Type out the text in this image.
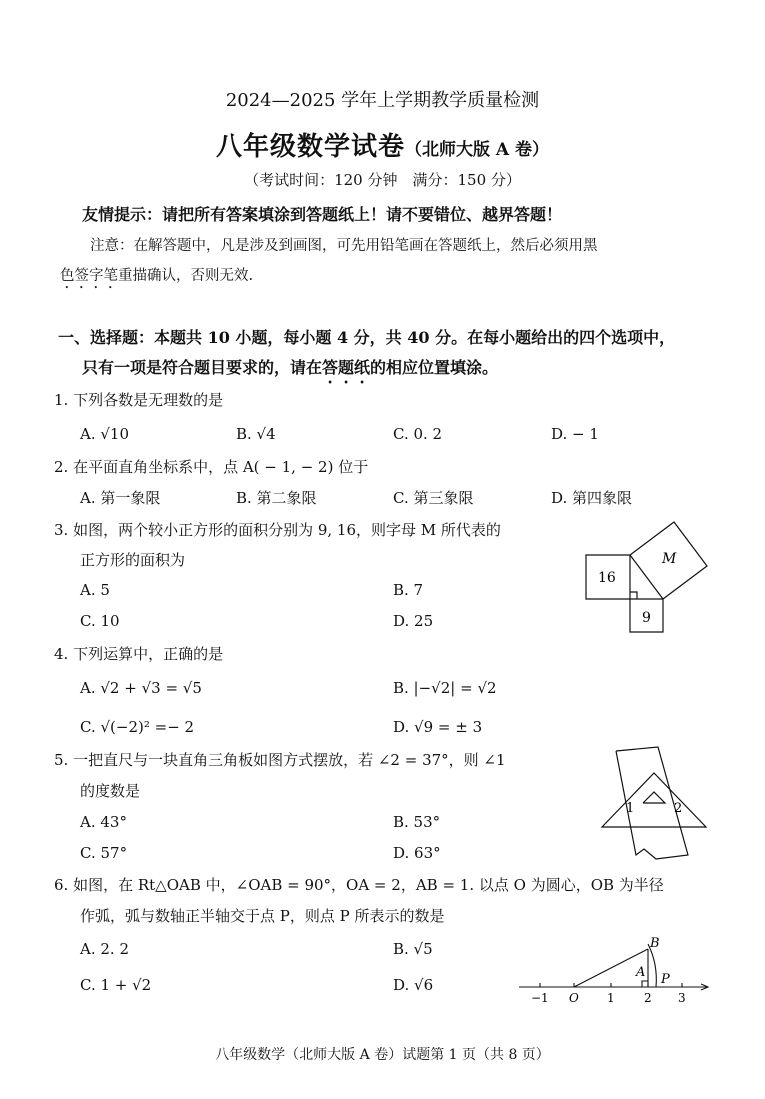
2024—2025 学年上学期教学质量检测
八年级数学试卷（北师大版 A 卷）
（考试时间：120 分钟　满分：150 分）
友情提示：请把所有答案填涂到答题纸上！请不要错位、越界答题！
注意：在解答题中，凡是涉及到画图，可先用铅笔画在答题纸上，然后必须用黑
色签字笔重描确认，否则无效.
一、选择题：本题共 10 小题，每小题 4 分，共 40 分。在每小题给出的四个选项中，
只有一项是符合题目要求的，请在答题纸的相应位置填涂。
1. 下列各数是无理数的是
A. √10	B. √4	C. 0. 2	D. − 1
2. 在平面直角坐标系中，点 A( − 1, − 2) 位于
A. 第一象限	B. 第二象限	C. 第三象限	D. 第四象限
3. 如图，两个较小正方形的面积分别为 9, 16，则字母 M 所代表的
正方形的面积为
A. 5	B. 7
C. 10	D. 25
16
9
M
4. 下列运算中，正确的是
A. √2 + √3 = √5	B. |−√2| = √2
C. √(−2)² =− 2	D. √9 = ± 3
5. 一把直尺与一块直角三角板如图方式摆放，若 ∠2 = 37°，则 ∠1
的度数是
A. 43°	B. 53°
C. 57°	D. 63°
1	2
6. 如图，在 Rt△OAB 中，∠OAB = 90°，OA = 2，AB = 1. 以点 O 为圆心，OB 为半径
作弧，弧与数轴正半轴交于点 P，则点 P 所表示的数是
A. 2. 2	B. √5
C. 1 + √2	D. √6
B
A P
−1 O 1 2 3
八年级数学（北师大版 A 卷）试题第 1 页（共 8 页）
